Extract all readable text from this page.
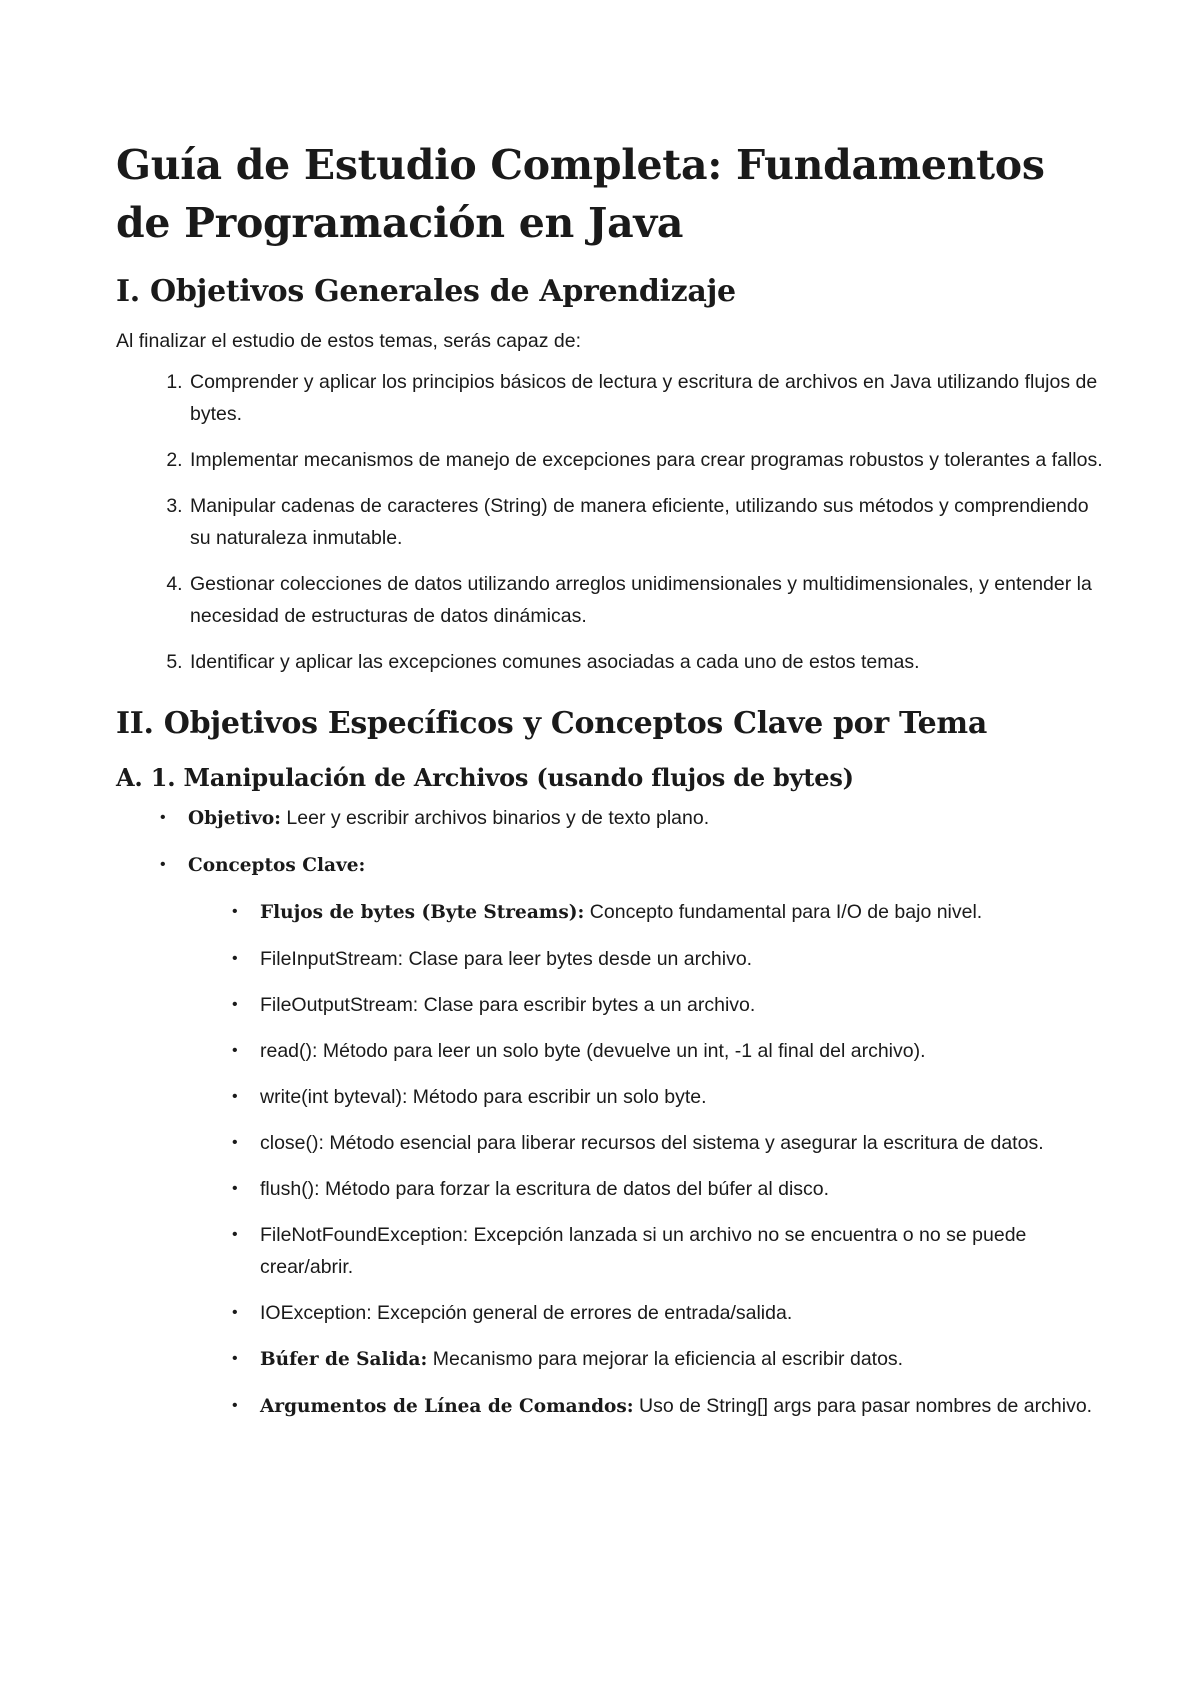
Guía de Estudio Completa: Fundamentos de Programación en Java
I. Objetivos Generales de Aprendizaje

Al finalizar el estudio de estos temas, serás capaz de:

1. Comprender y aplicar los principios básicos de lectura y escritura de archivos en Java utilizando flujos de bytes.
2. Implementar mecanismos de manejo de excepciones para crear programas robustos y tolerantes a fallos.
3. Manipular cadenas de caracteres (String) de manera eficiente, utilizando sus métodos y comprendiendo su naturaleza inmutable.
4. Gestionar colecciones de datos utilizando arreglos unidimensionales y multidimensionales, y entender la necesidad de estructuras de datos dinámicas.
5. Identificar y aplicar las excepciones comunes asociadas a cada uno de estos temas.
II. Objetivos Específicos y Conceptos Clave por Tema
A. 1. Manipulación de Archivos (usando flujos de bytes)
• Objetivo: Leer y escribir archivos binarios y de texto plano.
• Conceptos Clave:
• Flujos de bytes (Byte Streams): Concepto fundamental para I/O de bajo nivel.
• FileInputStream: Clase para leer bytes desde un archivo.
• FileOutputStream: Clase para escribir bytes a un archivo.
• read(): Método para leer un solo byte (devuelve un int, -1 al final del archivo).
• write(int byteval): Método para escribir un solo byte.
• close(): Método esencial para liberar recursos del sistema y asegurar la escritura de datos.
• flush(): Método para forzar la escritura de datos del búfer al disco.
• FileNotFoundException: Excepción lanzada si un archivo no se encuentra o no se puede crear/abrir.
• IOException: Excepción general de errores de entrada/salida.
• Búfer de Salida: Mecanismo para mejorar la eficiencia al escribir datos.
• Argumentos de Línea de Comandos: Uso de String[] args para pasar nombres de archivo.
